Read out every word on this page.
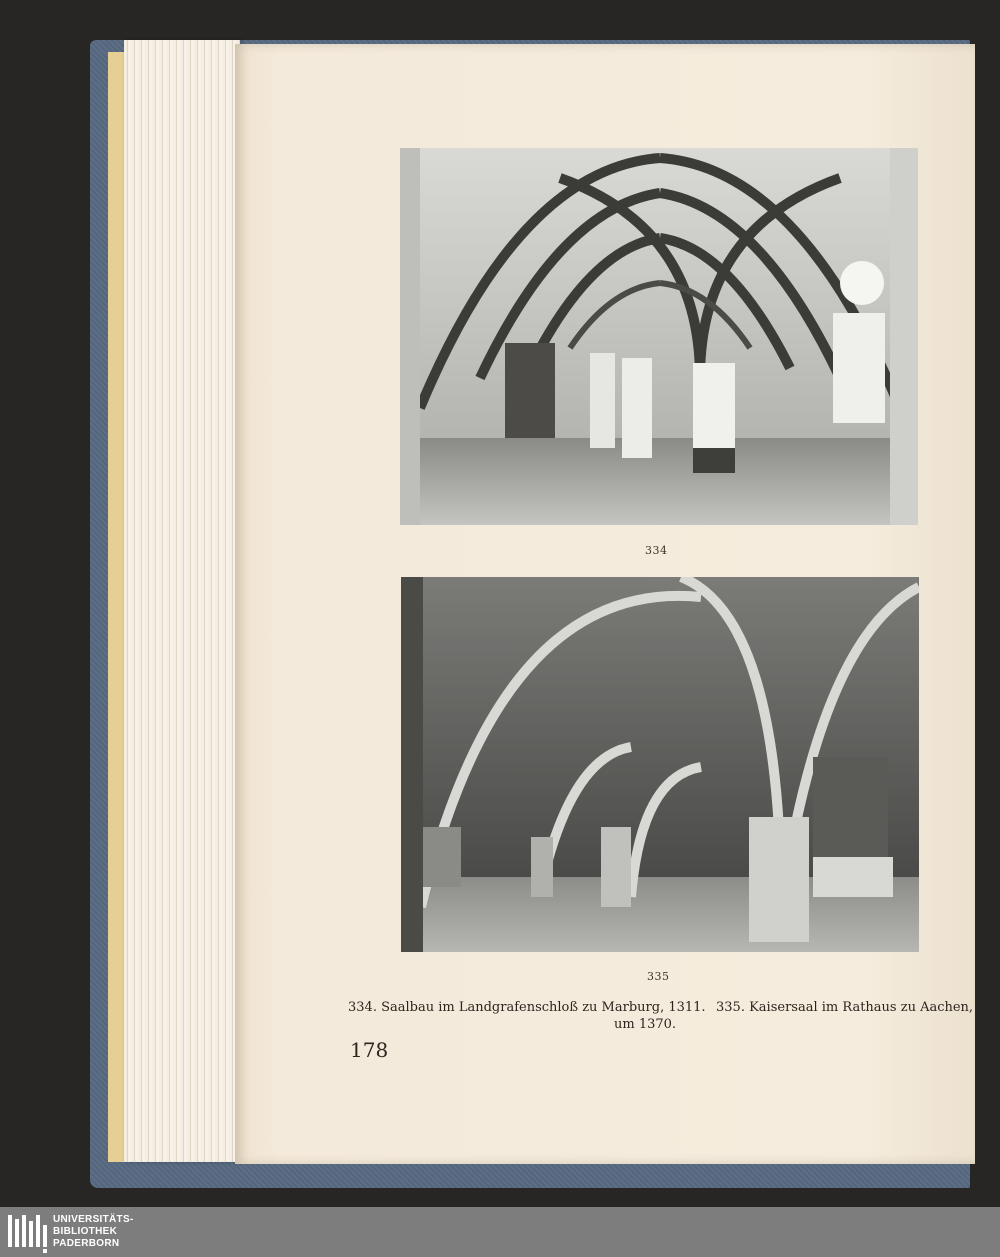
334
335
334. Saalbau im Landgrafenschloß zu Marburg, 1311.
um 1370.
335. Kaisersaal im Rathaus zu Aachen,
178
UNIVERSITÄTS-
BIBLIOTHEK
PADERBORN
